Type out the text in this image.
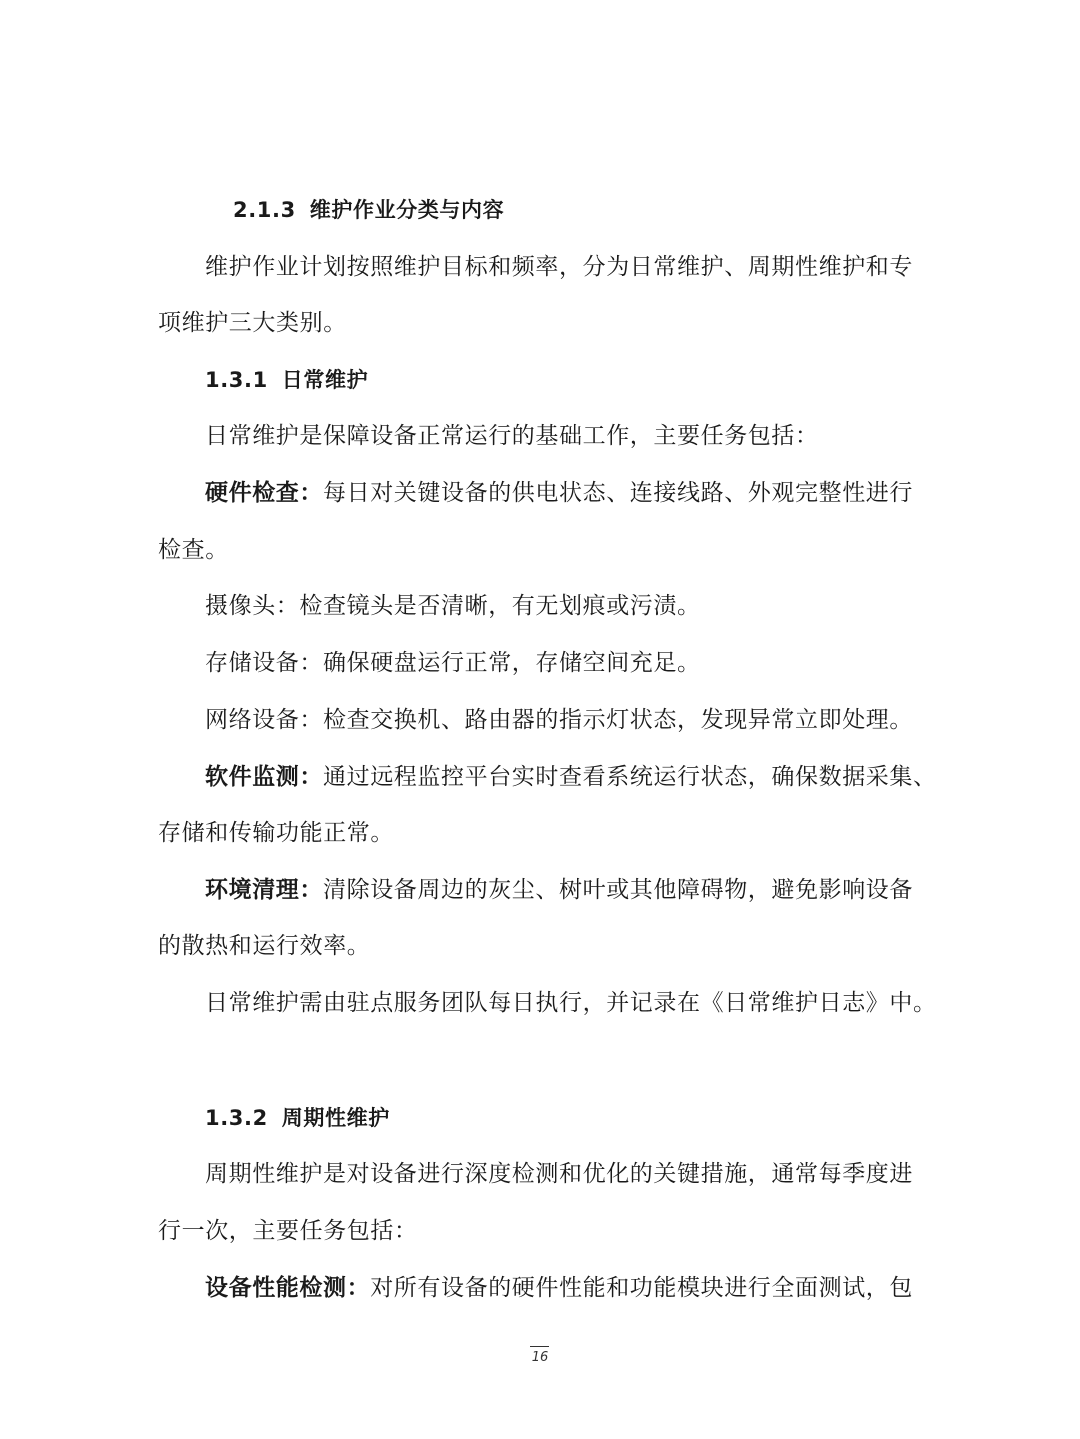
2.1.3 维护作业分类与内容
维护作业计划按照维护目标和频率，分为日常维护、周期性维护和专
项维护三大类别。
1.3.1 日常维护
日常维护是保障设备正常运行的基础工作，主要任务包括：
硬件检查：每日对关键设备的供电状态、连接线路、外观完整性进行
检查。
摄像头：检查镜头是否清晰，有无划痕或污渍。
存储设备：确保硬盘运行正常，存储空间充足。
网络设备：检查交换机、路由器的指示灯状态，发现异常立即处理。
软件监测：通过远程监控平台实时查看系统运行状态，确保数据采集、
存储和传输功能正常。
环境清理：清除设备周边的灰尘、树叶或其他障碍物，避免影响设备
的散热和运行效率。
日常维护需由驻点服务团队每日执行，并记录在《日常维护日志》中。
1.3.2 周期性维护
周期性维护是对设备进行深度检测和优化的关键措施，通常每季度进
行一次，主要任务包括：
设备性能检测：对所有设备的硬件性能和功能模块进行全面测试，包
16
